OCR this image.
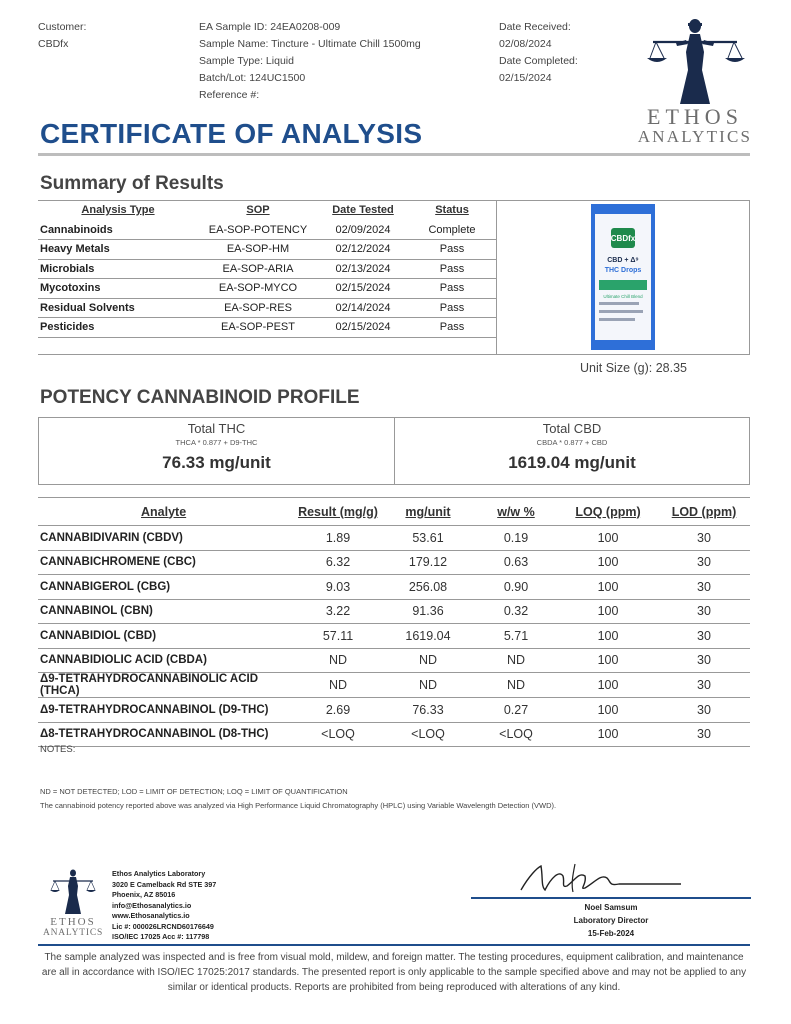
Customer:
CBDfx
EA Sample ID: 24EA0208-009
Sample Name: Tincture - Ultimate Chill 1500mg
Sample Type: Liquid
Batch/Lot: 124UC1500
Reference #:
Date Received:
02/08/2024
Date Completed:
02/15/2024
ETHOS
ANALYTICS
CERTIFICATE OF ANALYSIS
Summary of Results
Analysis Type	SOP	Date Tested	Status
Cannabinoids	EA-SOP-POTENCY	02/09/2024	Complete
Heavy Metals	EA-SOP-HM	02/12/2024	Pass
Microbials	EA-SOP-ARIA	02/13/2024	Pass
Mycotoxins	EA-SOP-MYCO	02/15/2024	Pass
Residual Solvents	EA-SOP-RES	02/14/2024	Pass
Pesticides	EA-SOP-PEST	02/15/2024	Pass

CBDfx
CBD + Δ⁹
THC Drops
Ultimate Chill Blend
Unit Size (g): 28.35
POTENCY CANNABINOID PROFILE
Total THC
THCA * 0.877 + D9-THC
76.33 mg/unit
Total CBD
CBDA * 0.877 + CBD
1619.04 mg/unit
Analyte	Result (mg/g)	mg/unit	w/w %	LOQ (ppm)	LOD (ppm)
CANNABIDIVARIN (CBDV)	1.89	53.61	0.19	100	30
CANNABICHROMENE (CBC)	6.32	179.12	0.63	100	30
CANNABIGEROL (CBG)	9.03	256.08	0.90	100	30
CANNABINOL (CBN)	3.22	91.36	0.32	100	30
CANNABIDIOL (CBD)	57.11	1619.04	5.71	100	30
CANNABIDIOLIC ACID (CBDA)	ND	ND	ND	100	30
Δ9-TETRAHYDROCANNABINOLIC ACID (THCA)	ND	ND	ND	100	30
Δ9-TETRAHYDROCANNABINOL (D9-THC)	2.69	76.33	0.27	100	30
Δ8-TETRAHYDROCANNABINOL (D8-THC)	<LOQ	<LOQ	<LOQ	100	30
NOTES:
ND = NOT DETECTED; LOD = LIMIT OF DETECTION; LOQ = LIMIT OF QUANTIFICATION
The cannabinoid potency reported above was analyzed via High Performance Liquid Chromatography (HPLC) using Variable Wavelength Detection (VWD).
ETHOS
ANALYTICS
Ethos Analytics Laboratory
3020 E Camelback Rd STE 397
Phoenix, AZ 85016
info@Ethosanalytics.io
www.Ethosanalytics.io
Lic #: 000026LRCND60176649
ISO/IEC 17025 Acc #: 117798
Noel Samsum
Laboratory Director
15-Feb-2024
The sample analyzed was inspected and is free from visual mold, mildew, and foreign matter. The testing procedures, equipment calibration, and maintenance are all in accordance with ISO/IEC 17025:2017 standards. The presented report is only applicable to the sample specified above and may not be applied to any similar or identical products. Reports are prohibited from being reproduced with alterations of any kind.
